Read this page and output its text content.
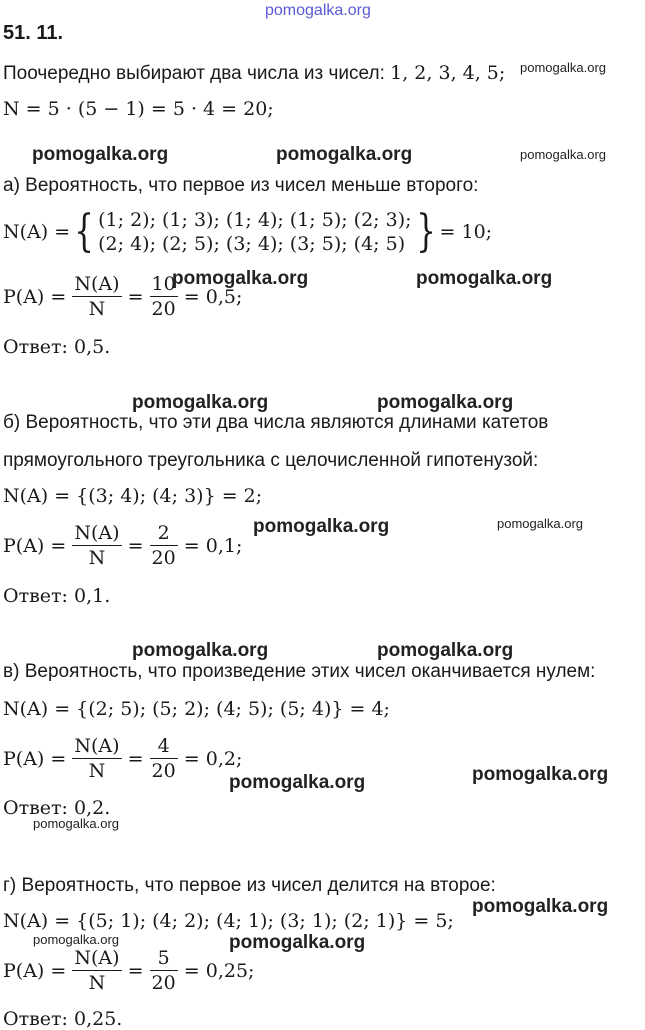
pomogalka.org
51. 11.
Поочередно выбирают два числа из чисел: 1, 2, 3, 4, 5; pomogalka.org
N = 5 · (5 − 1) = 5 · 4 = 20;
pomogalka.org	pomogalka.org	pomogalka.org
а) Вероятность, что первое из чисел меньше второго:
N(A) = { (1; 2); (1; 3); (1; 4); (1; 5); (2; 3);
(2; 4); (2; 5); (3; 4); (3; 5); (4; 5) } = 10;
P(A) =
$\frac{N(A)}{N}$
=
$\frac{10}{20}$
= 0,5;
pomogalka.org	pomogalka.org
Ответ: 0,5.
pomogalka.org	pomogalka.org
б) Вероятность, что эти два числа являются длинами катетов
прямоугольного треугольника с целочисленной гипотенузой:
N(A) = {(3; 4); (4; 3)} = 2;
P(A) =
$\frac{N(A)}{N}$
=
$\frac{2}{20}$
= 0,1;
pomogalka.org	pomogalka.org
Ответ: 0,1.
pomogalka.org	pomogalka.org
в) Вероятность, что произведение этих чисел оканчивается нулем:
N(A) = {(2; 5); (5; 2); (4; 5); (5; 4)} = 4;
P(A) =
$\frac{N(A)}{N}$
=
$\frac{4}{20}$
= 0,2;
pomogalka.org
pomogalka.org
Ответ: 0,2.
pomogalka.org
г) Вероятность, что первое из чисел делится на второе:
pomogalka.org
N(A) = {(5; 1); (4; 2); (4; 1); (3; 1); (2; 1)} = 5;
pomogalka.org	pomogalka.org
P(A) =
$\frac{N(A)}{N}$
=
$\frac{5}{20}$
= 0,25;
Ответ: 0,25.
